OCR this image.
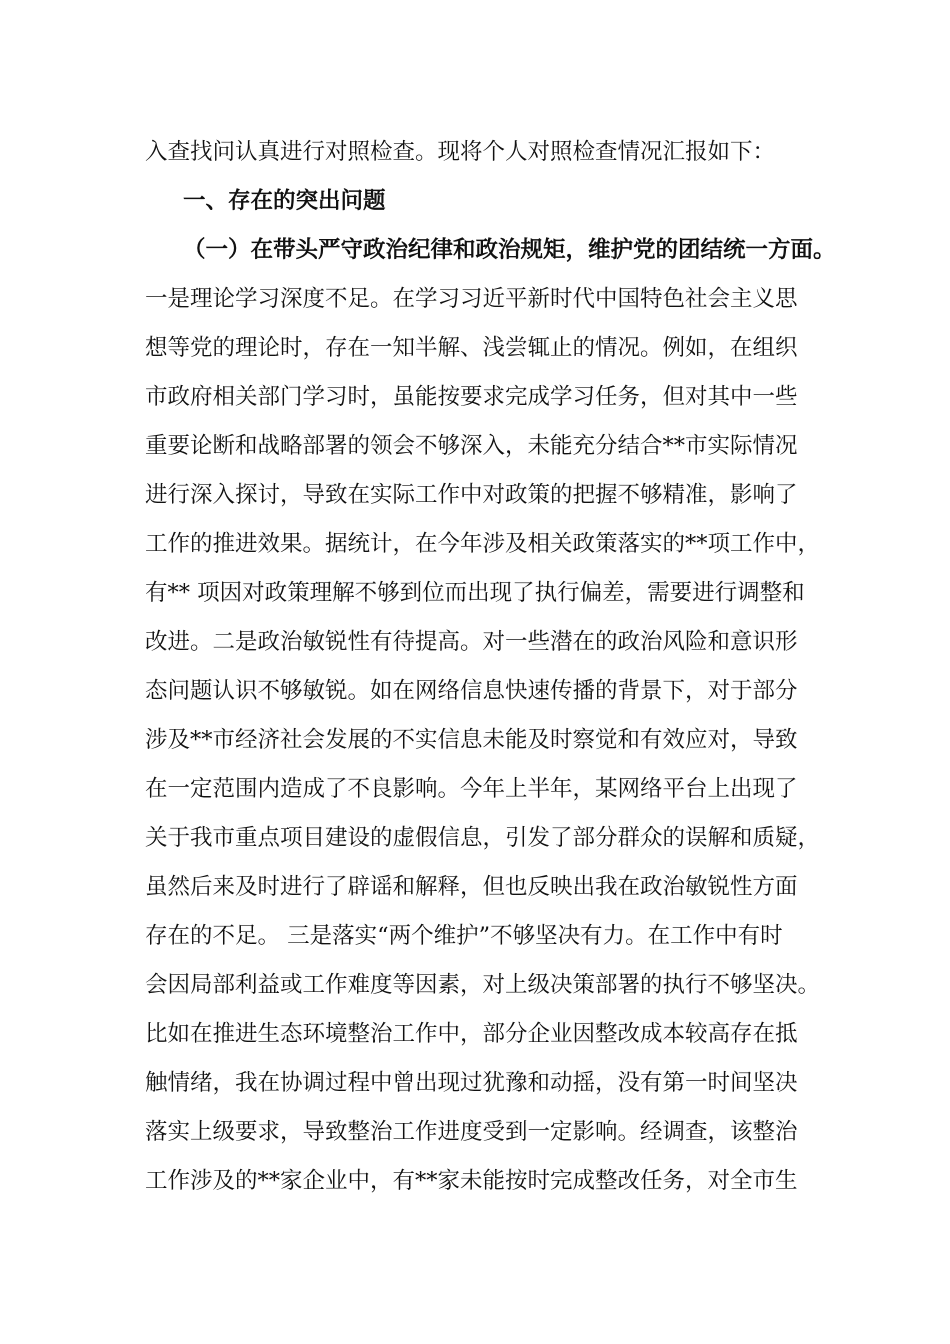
入查找问认真进行对照检查。现将个人对照检查情况汇报如下：
一、存在的突出问题
（一）在带头严守政治纪律和政治规矩，维护党的团结统一方面。
一是理论学习深度不足。在学习习近平新时代中国特色社会主义思
想等党的理论时，存在一知半解、浅尝辄止的情况。例如，在组织
市政府相关部门学习时，虽能按要求完成学习任务，但对其中一些
重要论断和战略部署的领会不够深入，未能充分结合**市实际情况
进行深入探讨，导致在实际工作中对政策的把握不够精准，影响了
工作的推进效果。据统计，在今年涉及相关政策落实的**项工作中，
有** 项因对政策理解不够到位而出现了执行偏差，需要进行调整和
改进。二是政治敏锐性有待提高。对一些潜在的政治风险和意识形
态问题认识不够敏锐。如在网络信息快速传播的背景下，对于部分
涉及**市经济社会发展的不实信息未能及时察觉和有效应对，导致
在一定范围内造成了不良影响。今年上半年，某网络平台上出现了
关于我市重点项目建设的虚假信息，引发了部分群众的误解和质疑，
虽然后来及时进行了辟谣和解释，但也反映出我在政治敏锐性方面
存在的不足。 三是落实“两个维护”不够坚决有力。在工作中有时
会因局部利益或工作难度等因素，对上级决策部署的执行不够坚决。
比如在推进生态环境整治工作中，部分企业因整改成本较高存在抵
触情绪，我在协调过程中曾出现过犹豫和动摇，没有第一时间坚决
落实上级要求，导致整治工作进度受到一定影响。经调查，该整治
工作涉及的**家企业中，有**家未能按时完成整改任务，对全市生
